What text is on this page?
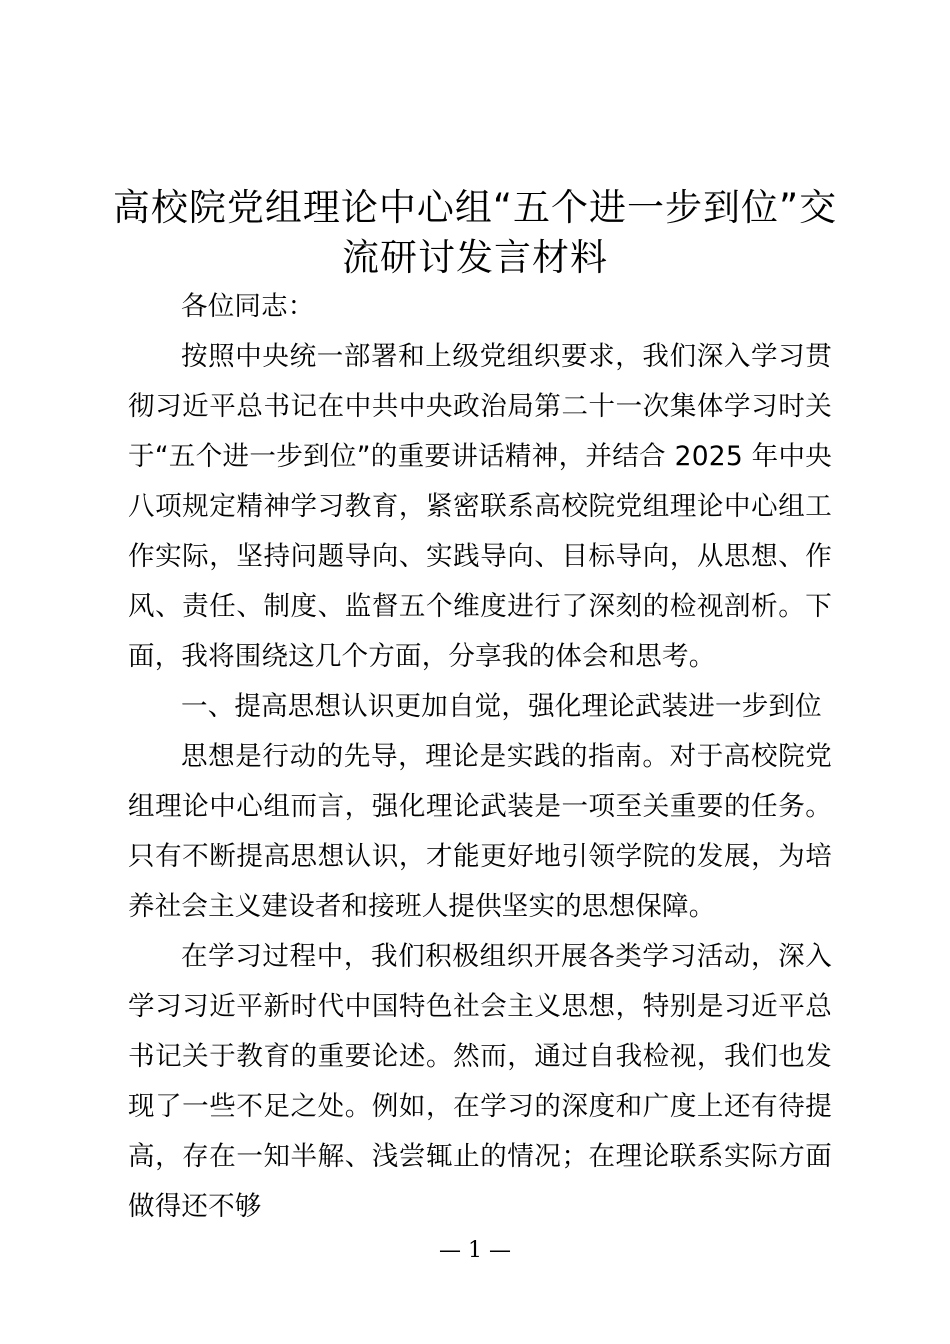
高校院党组理论中心组“五个进一步到位”交
流研讨发言材料

各位同志：

按照中央统一部署和上级党组织要求，我们深入学习贯彻习近平总书记在中共中央政治局第二十一次集体学习时关于“五个进一步到位”的重要讲话精神，并结合 2025 年中央八项规定精神学习教育，紧密联系高校院党组理论中心组工作实际，坚持问题导向、实践导向、目标导向，从思想、作风、责任、制度、监督五个维度进行了深刻的检视剖析。下面，我将围绕这几个方面，分享我的体会和思考。

一、提高思想认识更加自觉，强化理论武装进一步到位

思想是行动的先导，理论是实践的指南。对于高校院党组理论中心组而言，强化理论武装是一项至关重要的任务。只有不断提高思想认识，才能更好地引领学院的发展，为培养社会主义建设者和接班人提供坚实的思想保障。

在学习过程中，我们积极组织开展各类学习活动，深入学习习近平新时代中国特色社会主义思想，特别是习近平总书记关于教育的重要论述。然而，通过自我检视，我们也发现了一些不足之处。例如，在学习的深度和广度上还有待提高，存在一知半解、浅尝辄止的情况；在理论联系实际方面做得还不够

— 1 —
